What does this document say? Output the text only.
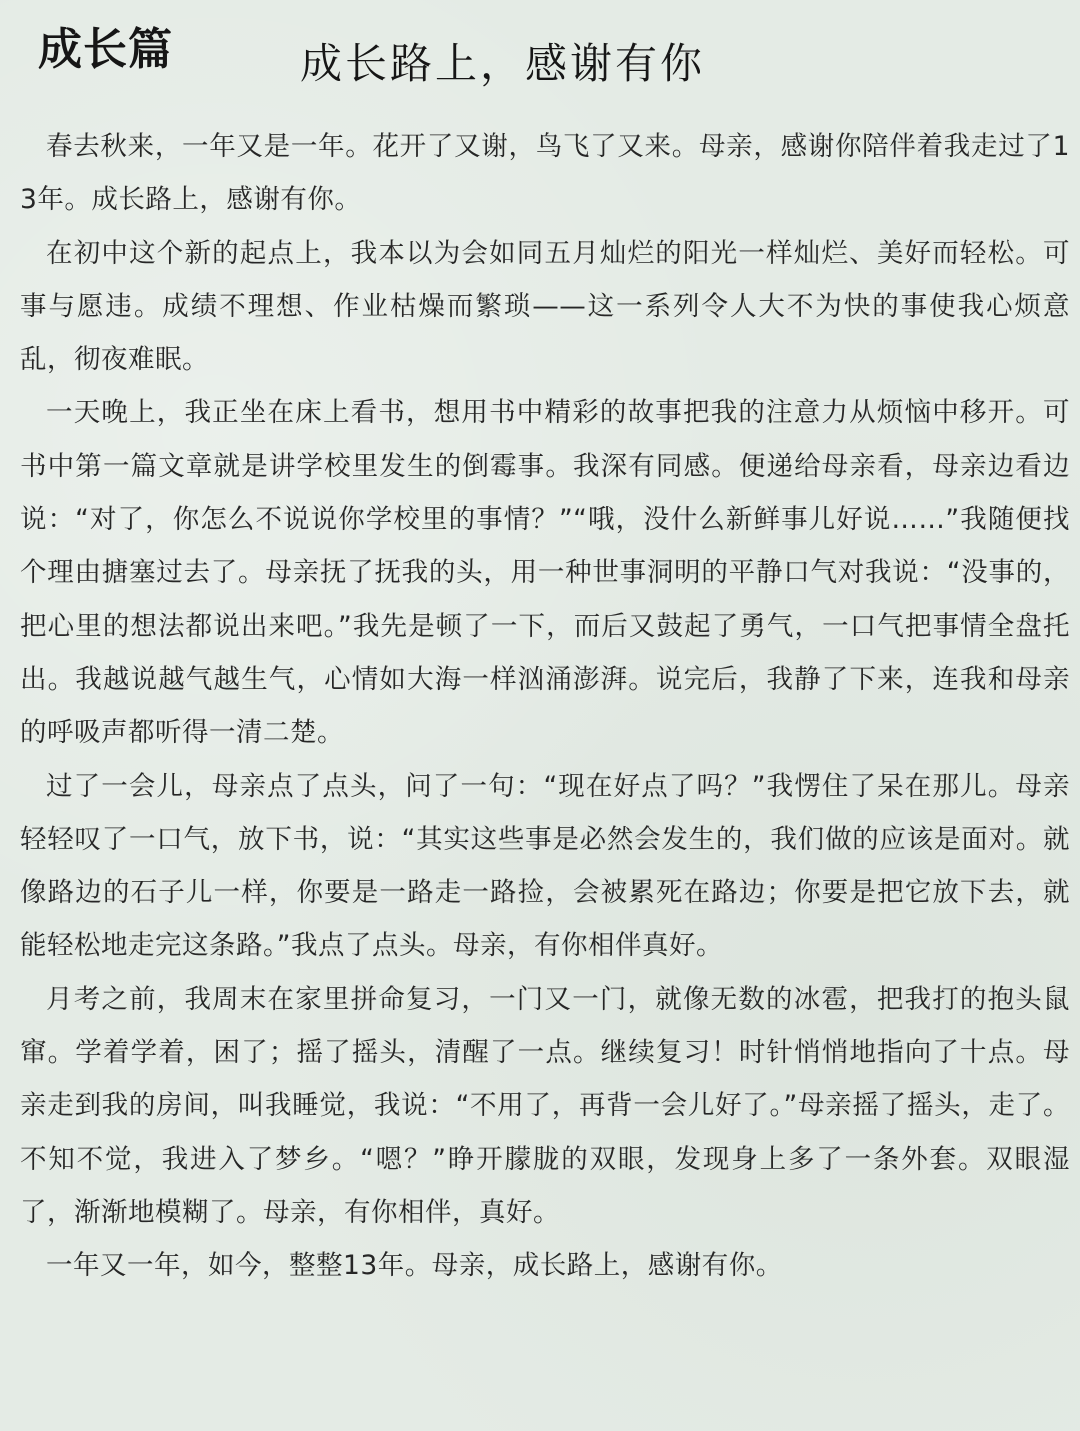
成长篇	成长路上，感谢有你

春去秋来，一年又是一年。花开了又谢，鸟飞了又来。母亲，感谢你陪伴着我走过了13年。成长路上，感谢有你。

在初中这个新的起点上，我本以为会如同五月灿烂的阳光一样灿烂、美好而轻松。可事与愿违。成绩不理想、作业枯燥而繁琐——这一系列令人大不为快的事使我心烦意乱，彻夜难眠。

一天晚上，我正坐在床上看书，想用书中精彩的故事把我的注意力从烦恼中移开。可书中第一篇文章就是讲学校里发生的倒霉事。我深有同感。便递给母亲看，母亲边看边说：“对了，你怎么不说说你学校里的事情？”“哦，没什么新鲜事儿好说……”我随便找个理由搪塞过去了。母亲抚了抚我的头，用一种世事洞明的平静口气对我说：“没事的，把心里的想法都说出来吧。”我先是顿了一下，而后又鼓起了勇气，一口气把事情全盘托出。我越说越气越生气，心情如大海一样汹涌澎湃。说完后，我静了下来，连我和母亲的呼吸声都听得一清二楚。

过了一会儿，母亲点了点头，问了一句：“现在好点了吗？”我愣住了呆在那儿。母亲轻轻叹了一口气，放下书，说：“其实这些事是必然会发生的，我们做的应该是面对。就像路边的石子儿一样，你要是一路走一路捡，会被累死在路边；你要是把它放下去，就能轻松地走完这条路。”我点了点头。母亲，有你相伴真好。

月考之前，我周末在家里拼命复习，一门又一门，就像无数的冰雹，把我打的抱头鼠窜。学着学着，困了；摇了摇头，清醒了一点。继续复习！时针悄悄地指向了十点。母亲走到我的房间，叫我睡觉，我说：“不用了，再背一会儿好了。”母亲摇了摇头，走了。不知不觉，我进入了梦乡。“嗯？”睁开朦胧的双眼，发现身上多了一条外套。双眼湿了，渐渐地模糊了。母亲，有你相伴，真好。

一年又一年，如今，整整13年。母亲，成长路上，感谢有你。
